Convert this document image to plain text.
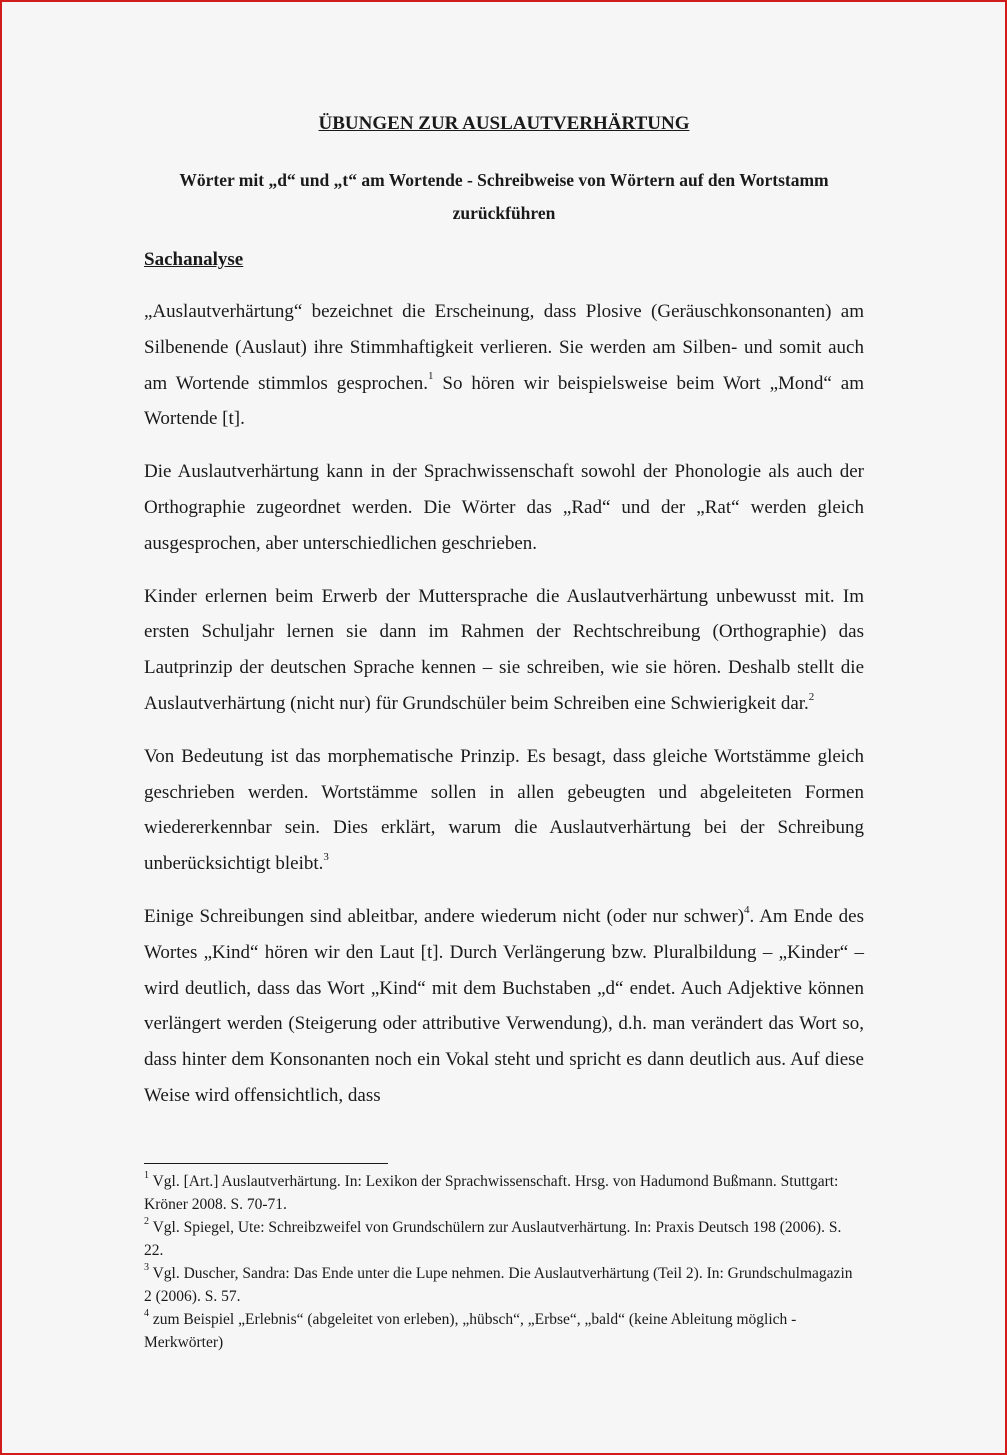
ÜBUNGEN ZUR AUSLAUTVERHÄRTUNG
Wörter mit „d“ und „t“ am Wortende - Schreibweise von Wörtern auf den Wortstamm
zurückführen
Sachanalyse

„Auslautverhärtung“ bezeichnet die Erscheinung, dass Plosive (Geräuschkonsonanten) am Silbenende (Auslaut) ihre Stimmhaftigkeit verlieren. Sie werden am Silben- und somit auch am Wortende stimmlos gesprochen.$^1$ So hören wir beispielsweise beim Wort „Mond“ am Wortende [t].

Die Auslautverhärtung kann in der Sprachwissenschaft sowohl der Phonologie als auch der Orthographie zugeordnet werden. Die Wörter das „Rad“ und der „Rat“ werden gleich ausgesprochen, aber unterschiedlichen geschrieben.

Kinder erlernen beim Erwerb der Muttersprache die Auslautverhärtung unbewusst mit. Im ersten Schuljahr lernen sie dann im Rahmen der Rechtschreibung (Orthographie) das Lautprinzip der deutschen Sprache kennen – sie schreiben, wie sie hören. Deshalb stellt die Auslautverhärtung (nicht nur) für Grundschüler beim Schreiben eine Schwierigkeit dar.$^2$

Von Bedeutung ist das morphematische Prinzip. Es besagt, dass gleiche Wortstämme gleich geschrieben werden. Wortstämme sollen in allen gebeugten und abgeleiteten Formen wiedererkennbar sein. Dies erklärt, warum die Auslautverhärtung bei der Schreibung unberücksichtigt bleibt.$^3$

Einige Schreibungen sind ableitbar, andere wiederum nicht (oder nur schwer)$^4$. Am Ende des Wortes „Kind“ hören wir den Laut [t]. Durch Verlängerung bzw. Pluralbildung – „Kinder“ – wird deutlich, dass das Wort „Kind“ mit dem Buchstaben „d“ endet. Auch Adjektive können verlängert werden (Steigerung oder attributive Verwendung), d.h. man verändert das Wort so, dass hinter dem Konsonanten noch ein Vokal steht und spricht es dann deutlich aus. Auf diese Weise wird offensichtlich, dass

$^1$ Vgl. [Art.] Auslautverhärtung. In: Lexikon der Sprachwissenschaft. Hrsg. von Hadumond Bußmann. Stuttgart: Kröner 2008. S. 70-71.

$^2$ Vgl. Spiegel, Ute: Schreibzweifel von Grundschülern zur Auslautverhärtung. In: Praxis Deutsch 198 (2006). S. 22.

$^3$ Vgl. Duscher, Sandra: Das Ende unter die Lupe nehmen. Die Auslautverhärtung (Teil 2). In: Grundschulmagazin 2 (2006). S. 57.

$^4$ zum Beispiel „Erlebnis“ (abgeleitet von erleben), „hübsch“, „Erbse“, „bald“ (keine Ableitung möglich - Merkwörter)
